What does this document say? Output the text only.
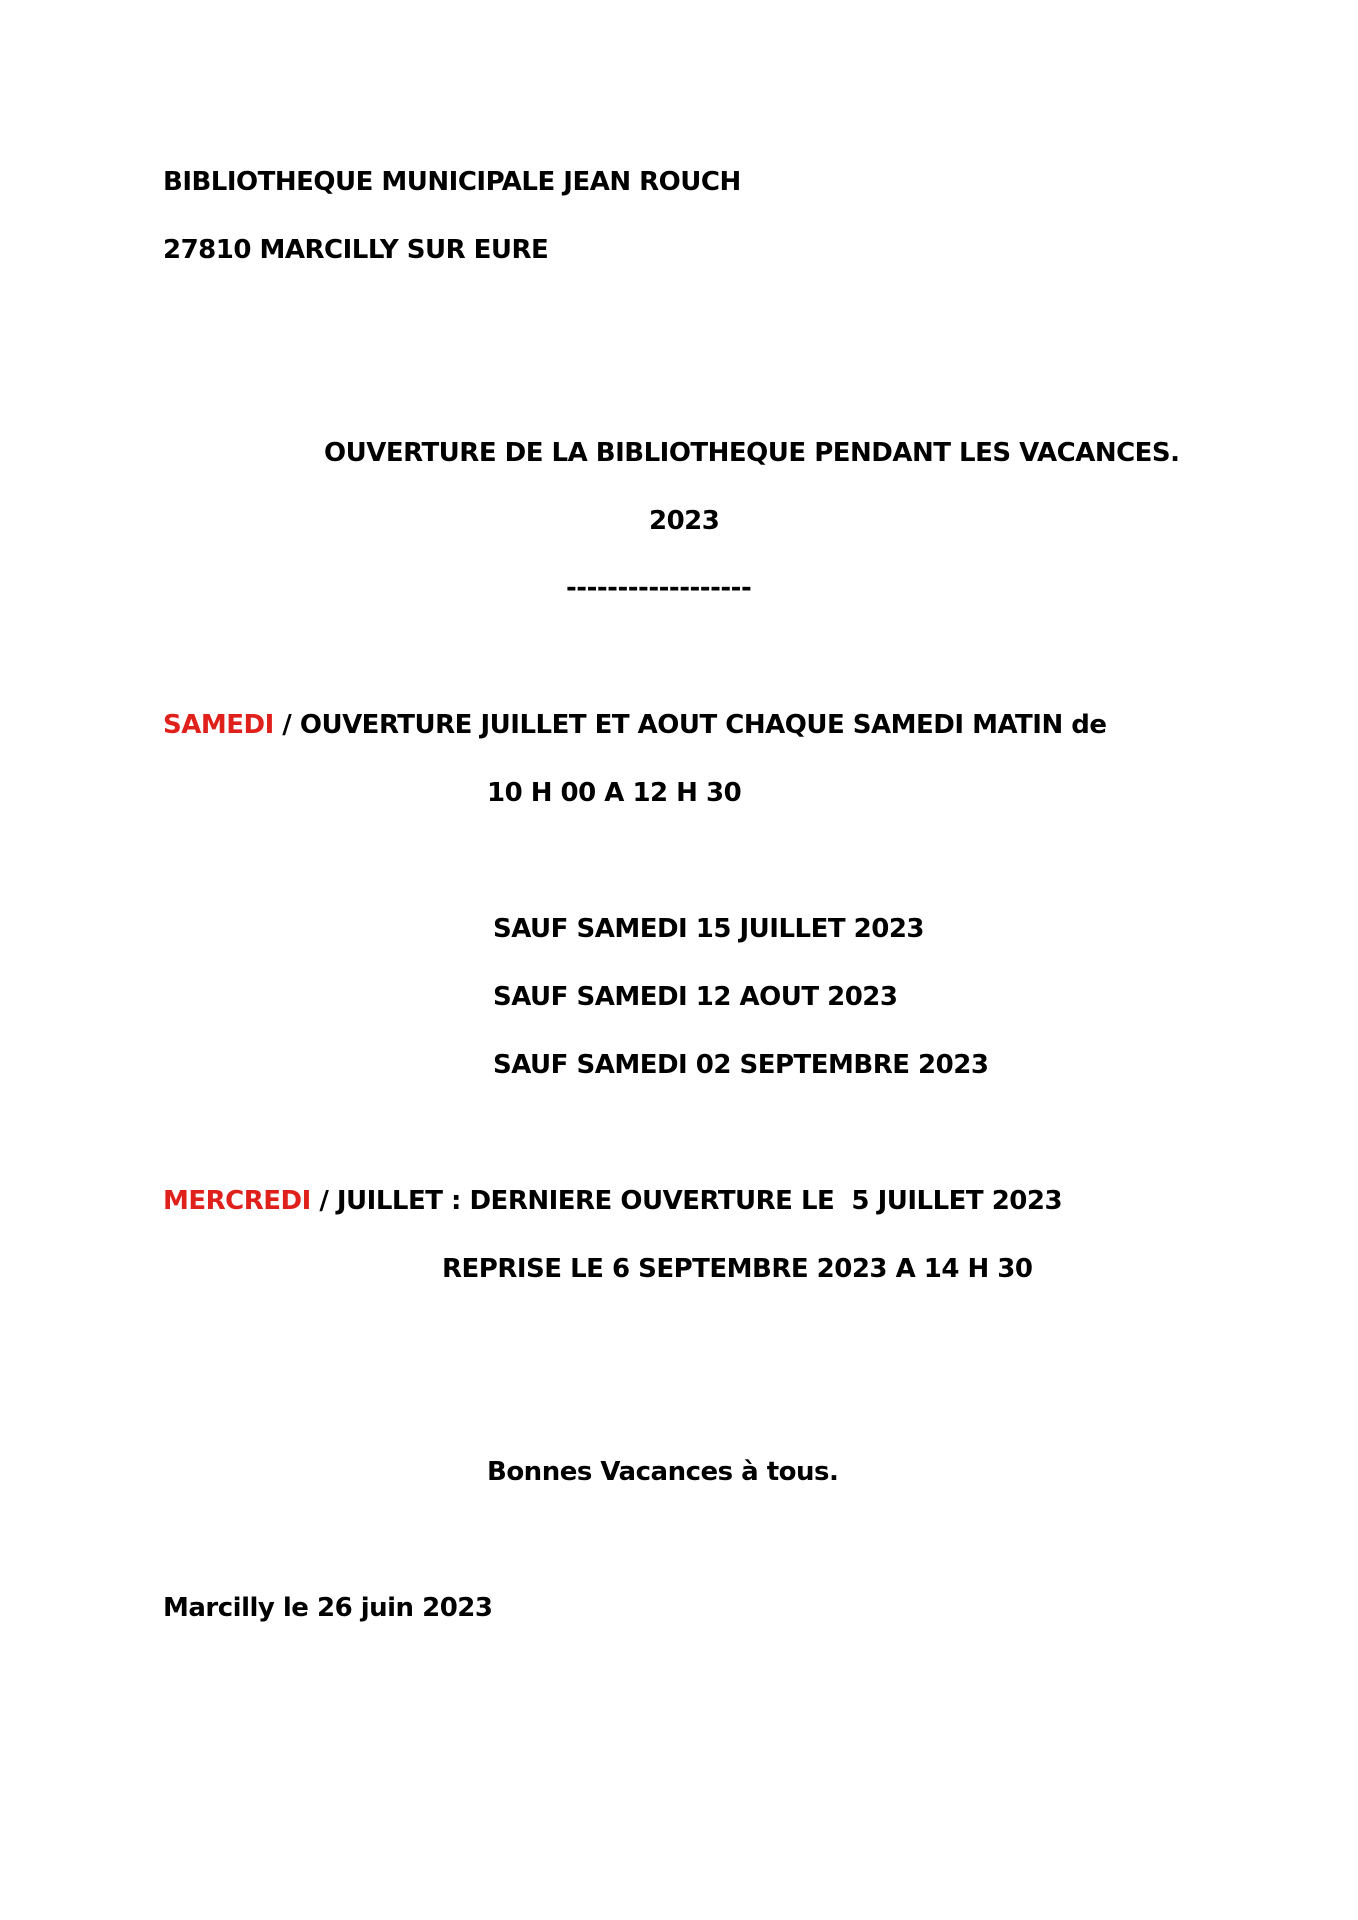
BIBLIOTHEQUE MUNICIPALE JEAN ROUCH
27810 MARCILLY SUR EURE
OUVERTURE DE LA BIBLIOTHEQUE PENDANT LES VACANCES.
2023
------------------
SAMEDI / OUVERTURE JUILLET ET AOUT CHAQUE SAMEDI MATIN de
10 H 00 A 12 H 30
SAUF SAMEDI 15 JUILLET 2023
SAUF SAMEDI 12 AOUT 2023
SAUF SAMEDI 02 SEPTEMBRE 2023
MERCREDI / JUILLET : DERNIERE OUVERTURE LE  5 JUILLET 2023
REPRISE LE 6 SEPTEMBRE 2023 A 14 H 30
Bonnes Vacances à tous.
Marcilly le 26 juin 2023
